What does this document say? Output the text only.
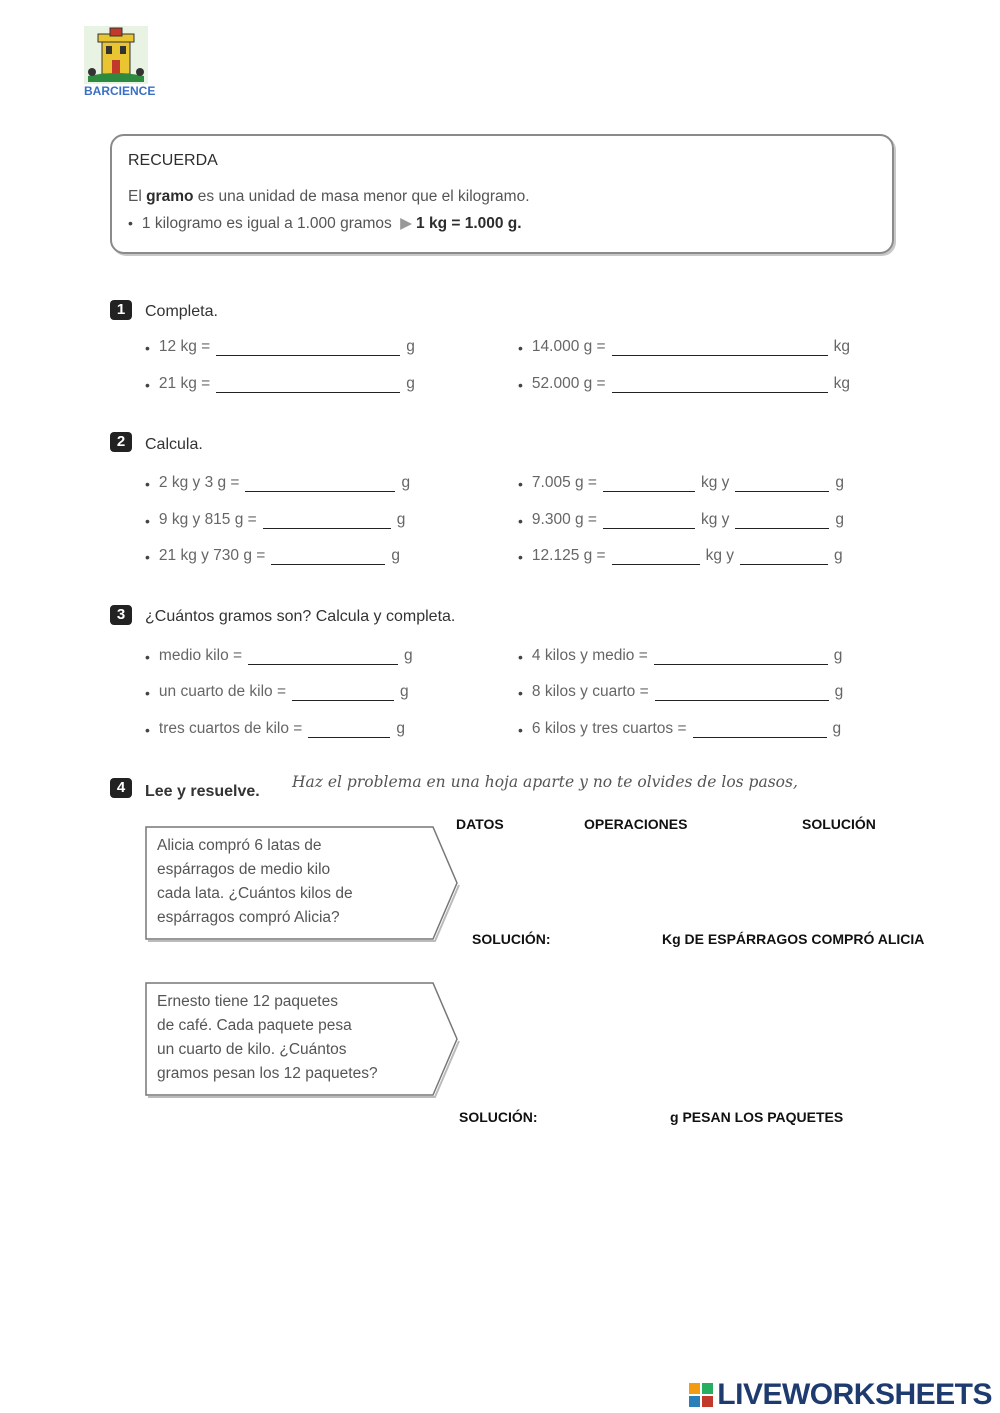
BARCIENCE
RECUERDA
El gramo es una unidad de masa menor que el kilogramo.
• 1 kilogramo es igual a 1.000 gramos ▶ 1 kg = 1.000 g.
1	Completa.
• 12 kg =	g
• 21 kg =	g
• 14.000 g =	kg
• 52.000 g =	kg
2	Calcula.
• 2 kg y 3 g =	g
• 9 kg y 815 g =	g
• 21 kg y 730 g =	g
• 7.005 g =	kg y	g
• 9.300 g =	kg y	g
• 12.125 g =	kg y	g
3	¿Cuántos gramos son? Calcula y completa.
• medio kilo =	g
• un cuarto de kilo =	g
• tres cuartos de kilo =	g
• 4 kilos y medio =	g
• 8 kilos y cuarto =	g
• 6 kilos y tres cuartos =	g
4	Lee y resuelve.
Haz el problema en una hoja aparte y no te olvides de los pasos,
DATOS	OPERACIONES	SOLUCIÓN
Alicia compró 6 latas de
espárragos de medio kilo
cada lata. ¿Cuántos kilos de
espárragos compró Alicia?
SOLUCIÓN:	Kg DE ESPÁRRAGOS COMPRÓ ALICIA
Ernesto tiene 12 paquetes
de café. Cada paquete pesa
un cuarto de kilo. ¿Cuántos
gramos pesan los 12 paquetes?
SOLUCIÓN:	g PESAN LOS PAQUETES
LIVEWORKSHEETS
